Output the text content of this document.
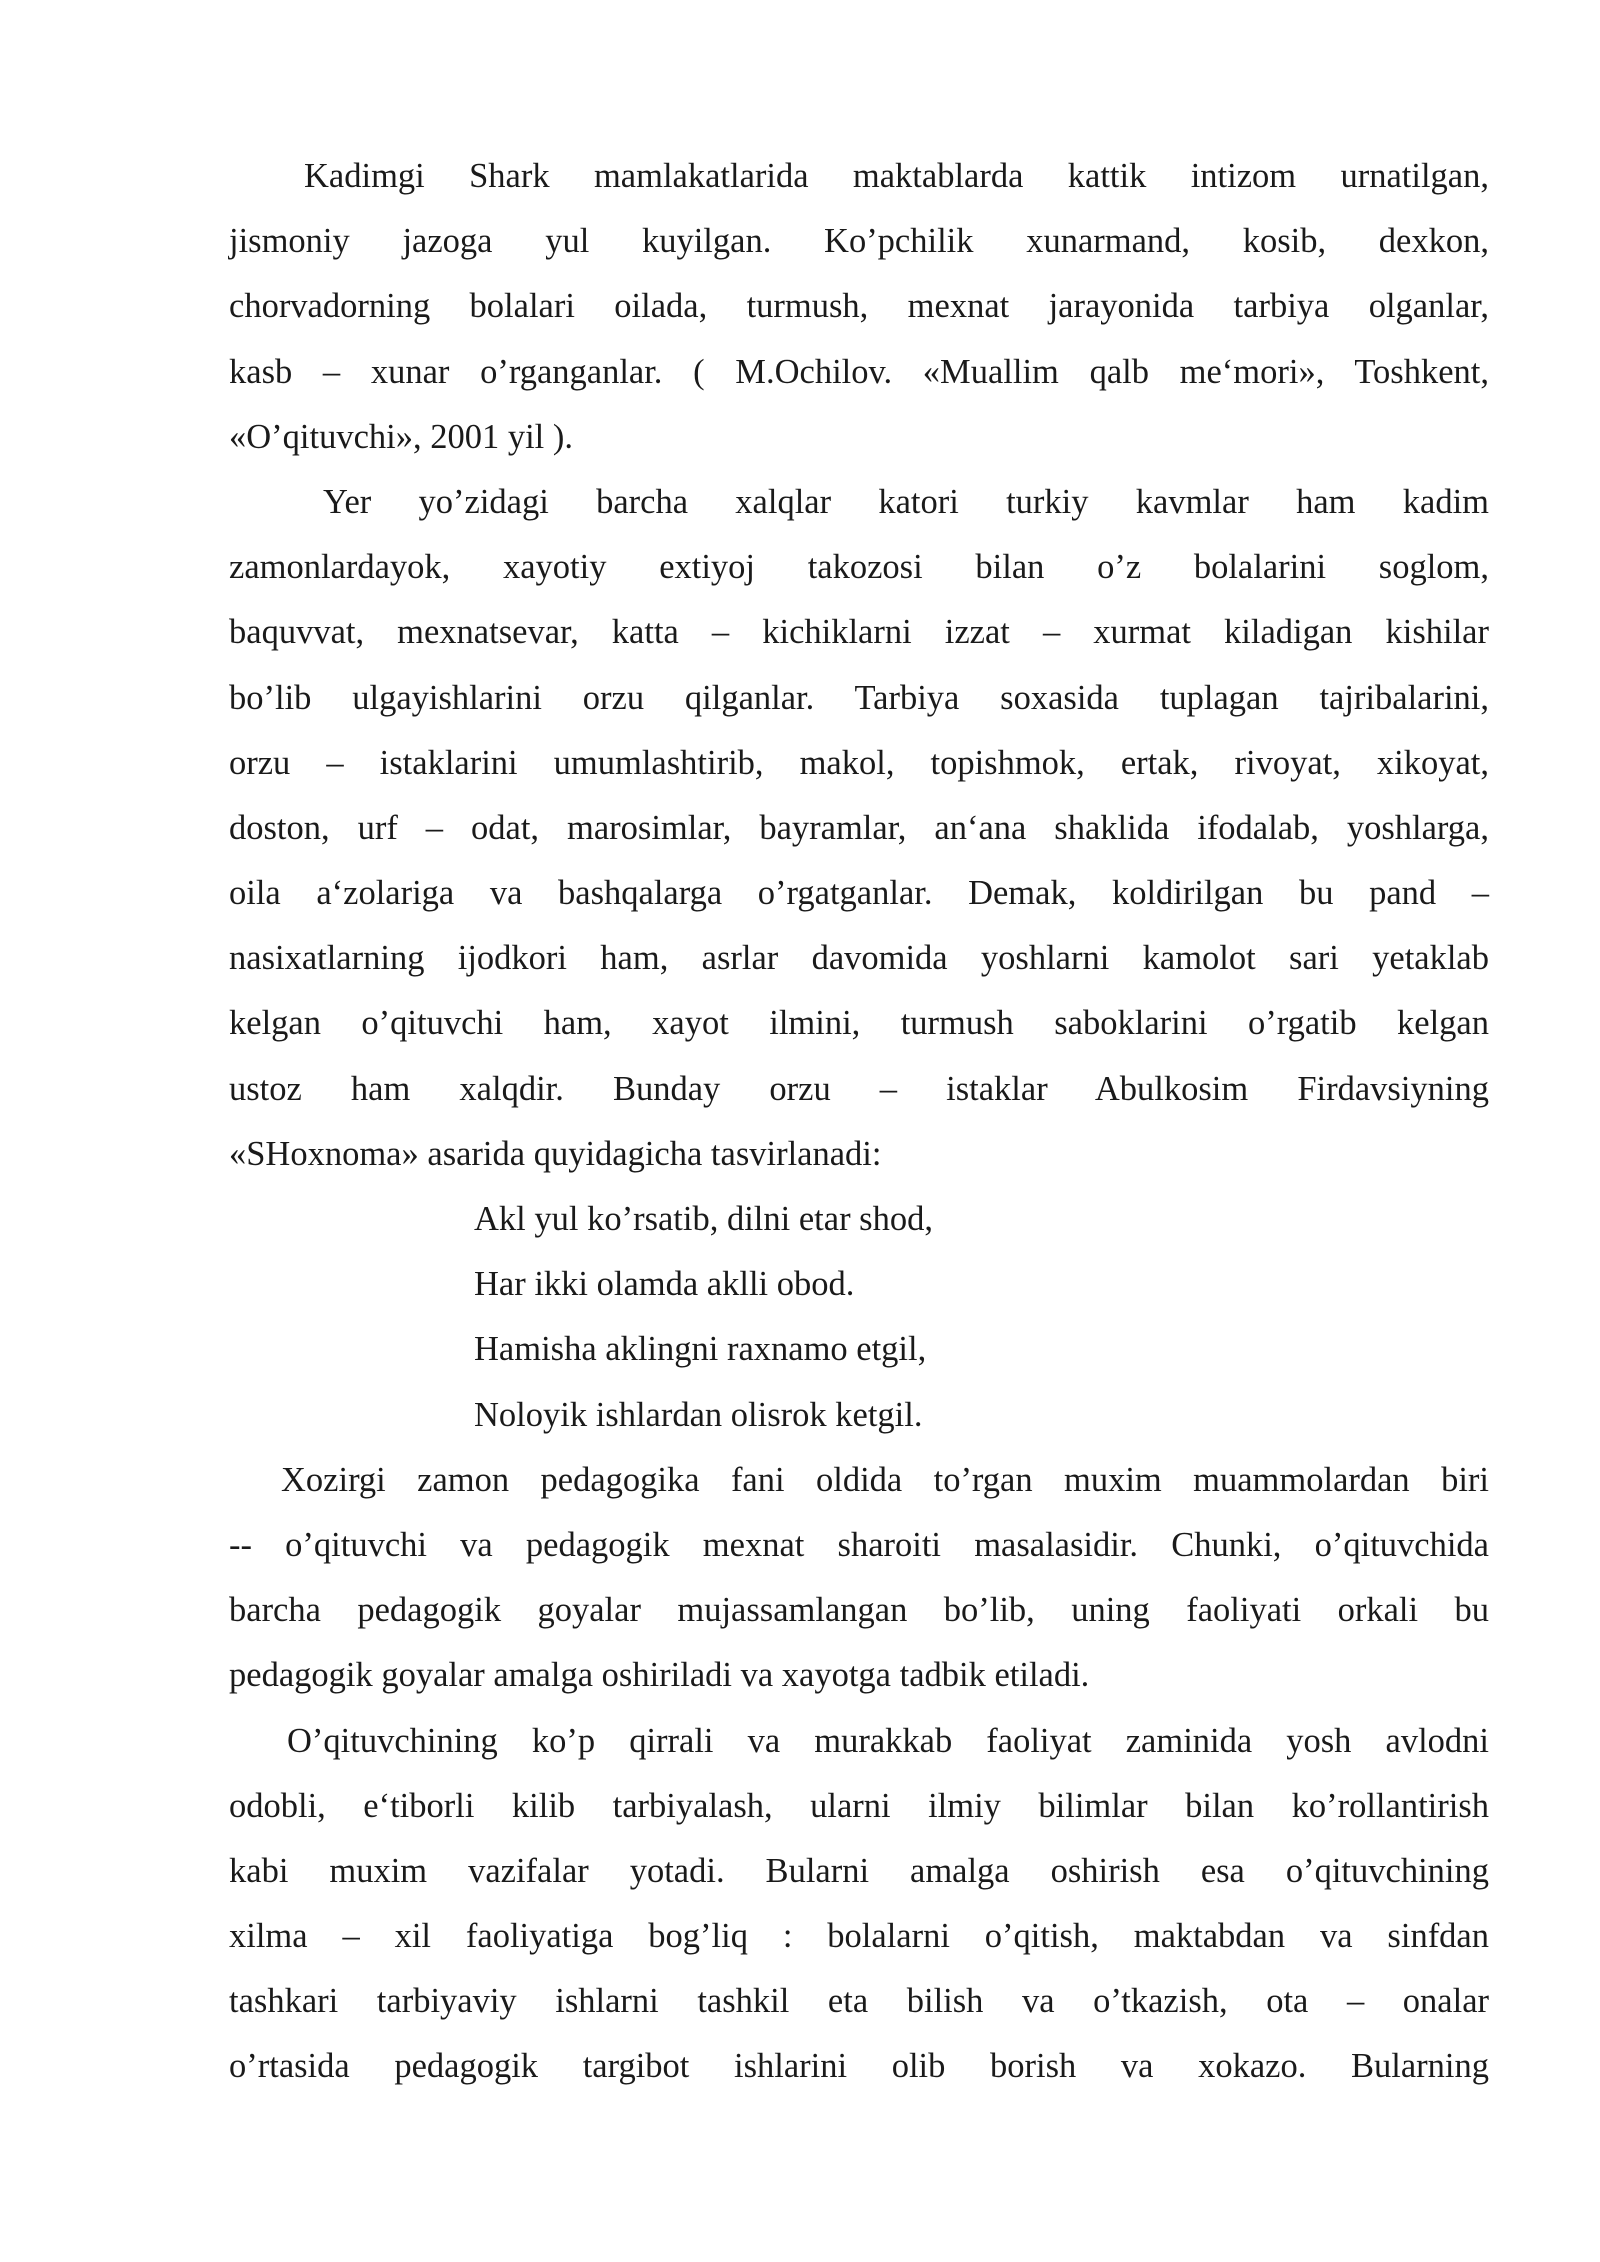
Kadimgi Shark mamlakatlarida maktablarda kattik intizom urnatilgan,
jismoniy jazoga yul kuyilgan. Ko’pchilik xunarmand, kosib, dexkon,
chorvadorning bolalari oilada, turmush, mexnat jarayonida tarbiya olganlar,
kasb – xunar o’rganganlar. ( M.Ochilov. «Muallim qalb me‘mori», Toshkent,
«O’qituvchi», 2001 yil ).
Yer yo’zidagi barcha xalqlar katori turkiy kavmlar ham kadim
zamonlardayok, xayotiy extiyoj takozosi bilan o’z bolalarini soglom,
baquvvat, mexnatsevar, katta – kichiklarni izzat – xurmat kiladigan kishilar
bo’lib ulgayishlarini orzu qilganlar. Tarbiya soxasida tuplagan tajribalarini,
orzu – istaklarini umumlashtirib, makol, topishmok, ertak, rivoyat, xikoyat,
doston, urf – odat, marosimlar, bayramlar, an‘ana shaklida ifodalab, yoshlarga,
oila a‘zolariga va bashqalarga o’rgatganlar. Demak, koldirilgan bu pand –
nasixatlarning ijodkori ham, asrlar davomida yoshlarni kamolot sari yetaklab
kelgan o’qituvchi ham, xayot ilmini, turmush saboklarini o’rgatib kelgan
ustoz ham xalqdir. Bunday orzu – istaklar Abulkosim Firdavsiyning
«SHoxnoma» asarida quyidagicha tasvirlanadi:
Akl yul ko’rsatib, dilni etar shod,
Har ikki olamda aklli obod.
Hamisha aklingni raxnamo etgil,
Noloyik ishlardan olisrok ketgil.
Xozirgi zamon pedagogika fani oldida to’rgan muxim muammolardan biri
-- o’qituvchi va pedagogik mexnat sharoiti masalasidir. Chunki, o’qituvchida
barcha pedagogik goyalar mujassamlangan bo’lib, uning faoliyati orkali bu
pedagogik goyalar amalga oshiriladi va xayotga tadbik etiladi.
O’qituvchining ko’p qirrali va murakkab faoliyat zaminida yosh avlodni
odobli, e‘tiborli kilib tarbiyalash, ularni ilmiy bilimlar bilan ko’rollantirish
kabi muxim vazifalar yotadi. Bularni amalga oshirish esa o’qituvchining
xilma – xil faoliyatiga bog’liq : bolalarni o’qitish, maktabdan va sinfdan
tashkari tarbiyaviy ishlarni tashkil eta bilish va o’tkazish, ota – onalar
o’rtasida pedagogik targibot ishlarini olib borish va xokazo. Bularning
